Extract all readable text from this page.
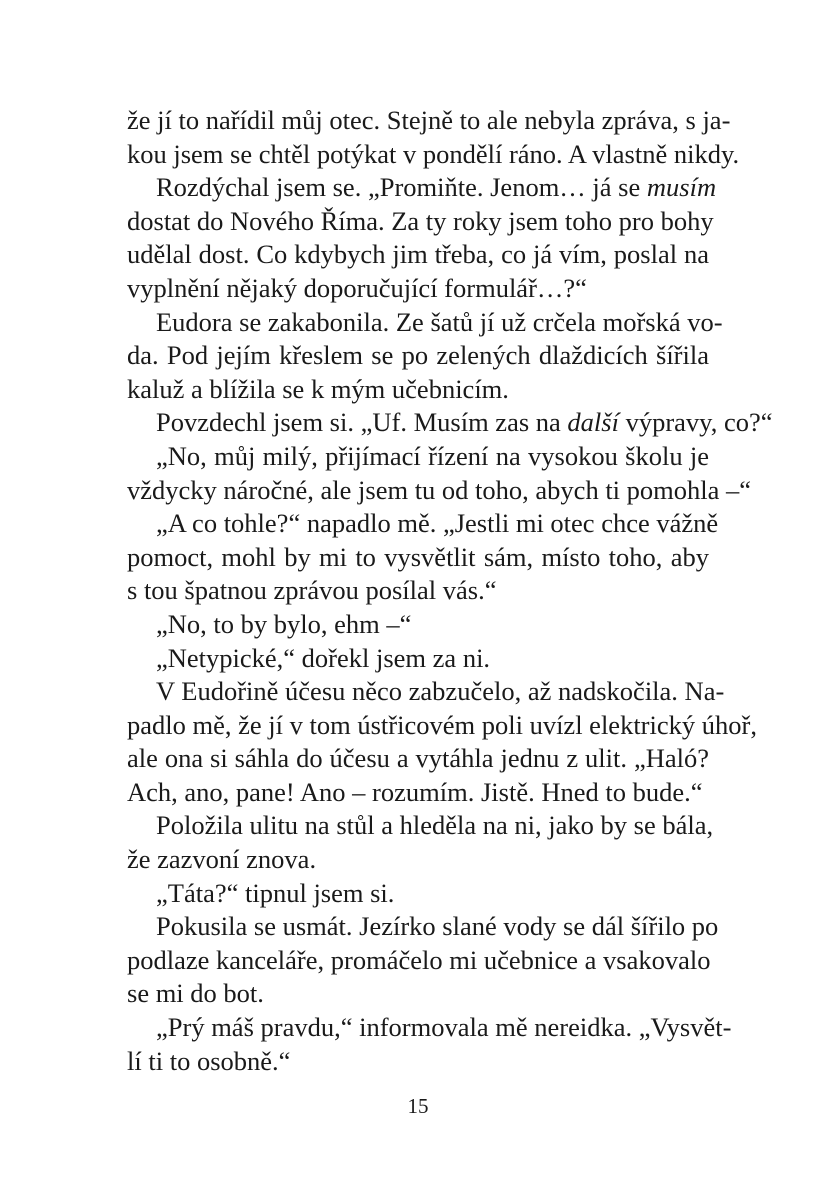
že jí to nařídil můj otec. Stejně to ale nebyla zpráva, s ja-
kou jsem se chtěl potýkat v pondělí ráno. A vlastně nikdy.
Rozdýchal jsem se. „Promiňte. Jenom… já se musím
dostat do Nového Říma. Za ty roky jsem toho pro bohy
udělal dost. Co kdybych jim třeba, co já vím, poslal na
vyplnění nějaký doporučující formulář…?“
Eudora se zakabonila. Ze šatů jí už crčela mořská vo-
da. Pod jejím křeslem se po zelených dlaždicích šířila
kaluž a blížila se k mým učebnicím.
Povzdechl jsem si. „Uf. Musím zas na další výpravy, co?“
„No, můj milý, přijímací řízení na vysokou školu je
vždycky náročné, ale jsem tu od toho, abych ti pomohla –“
„A co tohle?“ napadlo mě. „Jestli mi otec chce vážně
pomoct, mohl by mi to vysvětlit sám, místo toho, aby
s tou špatnou zprávou posílal vás.“
„No, to by bylo, ehm –“
„Netypické,“ dořekl jsem za ni.
V Eudořině účesu něco zabzučelo, až nadskočila. Na-
padlo mě, že jí v tom ústřicovém poli uvízl elektrický úhoř,
ale ona si sáhla do účesu a vytáhla jednu z ulit. „Haló?
Ach, ano, pane! Ano – rozumím. Jistě. Hned to bude.“
Položila ulitu na stůl a hleděla na ni, jako by se bála,
že zazvoní znova.
„Táta?“ tipnul jsem si.
Pokusila se usmát. Jezírko slané vody se dál šířilo po
podlaze kanceláře, promáčelo mi učebnice a vsakovalo
se mi do bot.
„Prý máš pravdu,“ informovala mě nereidka. „Vysvět-
lí ti to osobně.“
15
